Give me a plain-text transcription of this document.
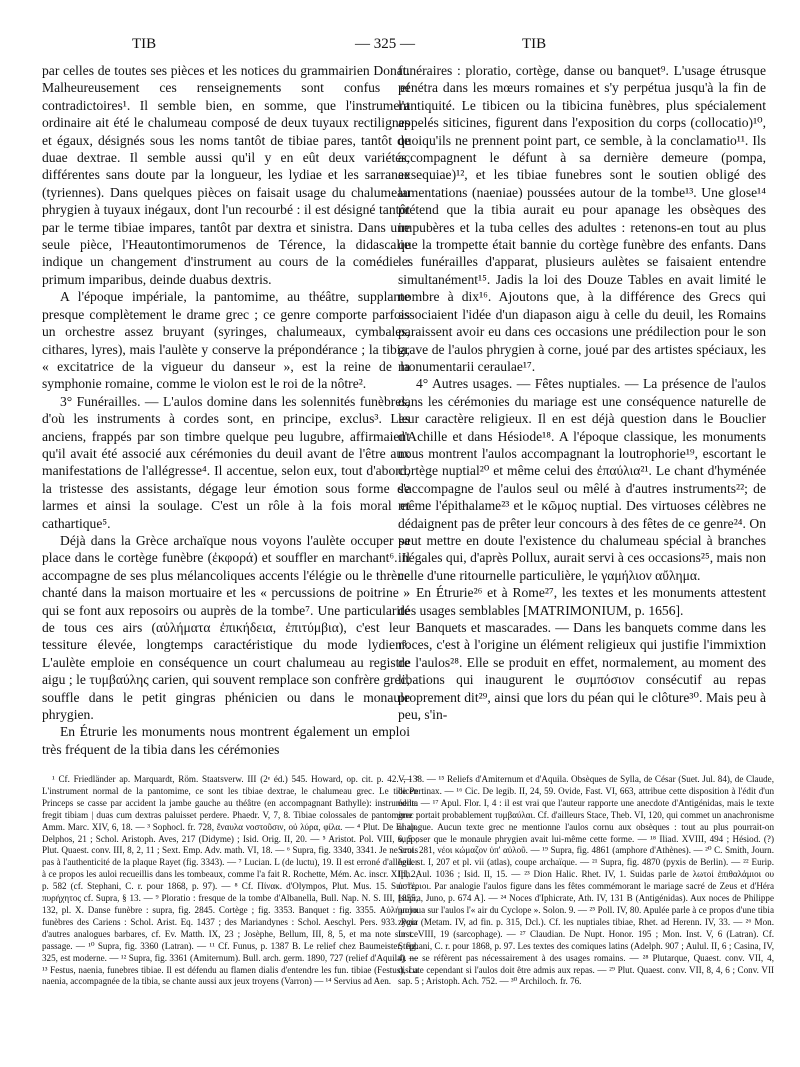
TIB	— 325 —	TIB

par celles de toutes ses pièces et les notices du grammairien Donat. Malheureusement ces renseignements sont confus et contradictoires¹. Il semble bien, en somme, que l'instrument ordinaire ait été le chalumeau composé de deux tuyaux rectilignes et égaux, désignés sous les noms tantôt de tibiae pares, tantôt de duae dextrae. Il semble aussi qu'il y en eût deux variétés, différentes sans doute par la longueur, les lydiae et les sarranae (tyriennes). Dans quelques pièces on faisait usage du chalumeau phrygien à tuyaux inégaux, dont l'un recourbé : il est désigné tantôt par le terme tibiae impares, tantôt par dextra et sinistra. Dans une seule pièce, l'Heautontimorumenos de Térence, la didascalie indique un changement d'instrument au cours de la comédie : primum imparibus, deinde duabus dextris.

A l'époque impériale, la pantomime, au théâtre, supplante presque complètement le drame grec ; ce genre comporte parfois un orchestre assez bruyant (syringes, chalumeaux, cymbales, cithares, lyres), mais l'aulète y conserve la prépondérance ; la tibia, « excitatrice de la vigueur du danseur », est la reine de la symphonie romaine, comme le violon est le roi de la nôtre².

3° Funérailles. — L'aulos domine dans les solennités funèbres, d'où les instruments à cordes sont, en principe, exclus³. Les anciens, frappés par son timbre quelque peu lugubre, affirmaient qu'il avait été associé aux cérémonies du deuil avant de l'être aux manifestations de l'allégresse⁴. Il accentue, selon eux, tout d'abord, la tristesse des assistants, dégage leur émotion sous forme de larmes et ainsi la soulage. C'est un rôle à la fois moral et cathartique⁵.

Déjà dans la Grèce archaïque nous voyons l'aulète occuper sa place dans le cortège funèbre (ἐκφορά) et souffler en marchant⁶. Il accompagne de ses plus mélancoliques accents l'élégie ou le thrène chanté dans la maison mortuaire et les « percussions de poitrine » qui se font aux reposoirs ou auprès de la tombe⁷. Une particularité de tous ces airs (αὐλήματα ἐπικήδεια, ἐπιτύμβια), c'est leur tessiture élevée, longtemps caractéristique du mode lydien⁸. L'aulète emploie en conséquence un court chalumeau au registre aigu ; le τυμβαύλης carien, qui souvent remplace son confrère grec, souffle dans le petit gingras phénicien ou dans le monaule phrygien.

En Étrurie les monuments nous montrent également un emploi très fréquent de la tibia dans les cérémonies

funéraires : ploratio, cortège, danse ou banquet⁹. L'usage étrusque pénétra dans les mœurs romaines et s'y perpétua jusqu'à la fin de l'antiquité. Le tibicen ou la tibicina funèbres, plus spécialement appelés siticines, figurent dans l'exposition du corps (collocatio)¹⁰, quoiqu'ils ne prennent point part, ce semble, à la conclamatio¹¹. Ils accompagnent le défunt à sa dernière demeure (pompa, exsequiae)¹², et les tibiae funebres sont le soutien obligé des lamentations (naeniae) poussées autour de la tombe¹³. Une glose¹⁴ prétend que la tibia aurait eu pour apanage les obsèques des impubères et la tuba celles des adultes : retenons-en tout au plus que la trompette était bannie du cortège funèbre des enfants. Dans les funérailles d'apparat, plusieurs aulètes se faisaient entendre simultanément¹⁵. Jadis la loi des Douze Tables en avait limité le nombre à dix¹⁶. Ajoutons que, à la différence des Grecs qui associaient l'idée d'un diapason aigu à celle du deuil, les Romains paraissent avoir eu dans ces occasions une prédilection pour le son grave de l'aulos phrygien à corne, joué par des artistes spéciaux, les monumentarii ceraulae¹⁷.

4° Autres usages. — Fêtes nuptiales. — La présence de l'aulos dans les cérémonies du mariage est une conséquence naturelle de leur caractère religieux. Il en est déjà question dans le Bouclier d'Achille et dans Hésiode¹⁸. A l'époque classique, les monuments nous montrent l'aulos accompagnant la loutrophorie¹⁹, escortant le cortège nuptial²⁰ et même celui des ἐπαύλια²¹. Le chant d'hyménée s'accompagne de l'aulos seul ou mêlé à d'autres instruments²²; de même l'épithalame²³ et le κῶμος nuptial. Des virtuoses célèbres ne dédaignent pas de prêter leur concours à des fêtes de ce genre²⁴. On peut mettre en doute l'existence du chalumeau spécial à branches inégales qui, d'après Pollux, aurait servi à ces occasions²⁵, mais non celle d'une ritournelle particulière, le γαμήλιον αὔλημα.

En Étrurie²⁶ et à Rome²⁷, les textes et les monuments attestent des usages semblables [MATRIMONIUM, p. 1656].

Banquets et mascarades. — Dans les banquets comme dans les noces, c'est à l'origine un élément religieux qui justifie l'immixtion de l'aulos²⁸. Elle se produit en effet, normalement, au moment des libations qui inaugurent le συμπόσιον consécutif au repas proprement dit²⁹, ainsi que lors du péan qui le clôture³⁰. Mais peu à peu, s'in-

¹ Cf. Friedländer ap. Marquardt, Röm. Staatsverw. III (2ᵉ éd.) 545. Howard, op. cit. p. 42. — ² L'instrument normal de la pantomime, ce sont les tibiae dextrae, le chalumeau grec. Le tibicen Princeps se casse par accident la jambe gauche au théâtre (en accompagnant Bathylle): instrumenta fregit tibiam | duas cum dextras paluisset perdere. Phaedr. V, 7, 8. Tibiae colossales de pantomime : Amm. Marc. XIV, 6, 18. — ³ Sophocl. fr. 728, ἔναυλα νοστοῦσιν, οὐ λύρα, φίλα. — ⁴ Plut. De EI ap. Delphos, 21 ; Schol. Aristoph. Aves, 217 (Didyme) ; Isid. Orig. II, 20. — ⁵ Aristot. Pol. VIII, 6, 5 ; Plut. Quaest. conv. III, 8, 2, 11 ; Sext. Emp. Adv. math. VI, 18. — ⁶ Supra, fig. 3340, 3341. Je ne crois pas à l'authenticité de la plaque Rayet (fig. 3343). — ⁷ Lucian. L (de luctu), 19. Il est erroné d'alléguer à ce propos les auloi recueillis dans les tombeaux, comme l'a fait R. Rochette, Mém. Ac. inscr. XIII, 2, p. 582 (cf. Stephani, C. r. pour 1868, p. 97). — ⁸ Cf. Πίνακ. d'Olympos, Plut. Mus. 15. Sur l'ε. πυρήχητος cf. Supra, § 13. — ⁹ Ploratio : fresque de la tombe d'Albanella, Bull. Nap. N. S. III, 1855, 132, pl. X. Danse funèbre : supra, fig. 2845. Cortège ; fig. 3353. Banquet : fig. 3355. Αὐλήματα funèbres des Cariens : Schol. Arist. Eq. 1437 ; des Mariandynes : Schol. Aeschyl. Pers. 933. Pour d'autres analogues barbares, cf. Ev. Matth. IX, 23 ; Josèphe, Bellum, III, 8, 5, et ma note sur ce passage. — ¹⁰ Supra, fig. 3360 (Latran). — ¹¹ Cf. Funus, p. 1387 B. Le relief chez Baumeister, fig. 325, est moderne. — ¹² Supra, fig. 3361 (Amiternum). Bull. arch. germ. 1890, 727 (relief d'Aquila). — ¹³ Festus, naenia, funebres tibiae. Il est défendu au flamen dialis d'entendre les fun. tibiae (Festus), La naenia, accompagnée de la tibia, se chante aussi aux jeux troyens (Varron) — ¹⁴ Servius ad Aen.

V, 138. — ¹⁵ Reliefs d'Amiternum et d'Aquila. Obsèques de Sylla, de César (Suet. Jul. 84), de Claude, de Pertinax. — ¹⁶ Cic. De legib. II, 24, 59. Ovide, Fast. VI, 663, attribue cette disposition à l'édit d'un édile. — ¹⁷ Apul. Flor. I, 4 : il est vrai que l'auteur rapporte une anecdote d'Antigénidas, mais le texte grec portait probablement τυμβαύλαι. Cf. d'ailleurs Stace, Theb. VI, 120, qui commet un anachronisme analogue. Aucun texte grec ne mentionne l'aulos cornu aux obsèques : tout au plus pourrait-on supposer que le monaule phrygien avait lui-même cette forme. — ¹⁸ Iliad. XVIII, 494 ; Hésiod. (?) Scut. 281, νέοι κώμαζον ὑπ' αὐλοῦ. — ¹⁹ Supra, fig. 4861 (amphore d'Athènes). — ²⁰ C. Smith, Journ. hell. st. I, 207 et pl. vii (atlas), coupe archaïque. — ²¹ Supra, fig. 4870 (pyxis de Berlin). — ²² Eurip. Iph. Aul. 1036 ; Isid. II, 15. — ²³ Dion Halic. Rhet. IV, 1. Suidas parle de λωτοί ἐπιθαλάμιοι ου ὑστέριοι. Par analogie l'aulos figure dans les fêtes commémorant le mariage sacré de Zeus et d'Héra [supra, Juno, p. 674 A]. — ²⁴ Noces d'Iphicrate, Ath. IV, 131 B (Antigénidas). Aux noces de Philippe on joua sur l'aulos l'« air du Cyclope ». Solon. 9. — ²⁵ Poll. IV, 80. Apulée parle à ce propos d'une tibia zygia (Metam. IV, ad fin. p. 315, Dcl.). Cf. les nuptiales tibiae, Rhet. ad Herenn. IV, 33. — ²⁶ Mon. Inst. VIII, 19 (sarcophage). — ²⁷ Claudian. De Nupt. Honor. 195 ; Mon. Inst. V, 6 (Latran). Cf. Stephani, C. r. pour 1868, p. 97. Les textes des comiques latins (Adelph. 907 ; Aulul. II, 6 ; Casina, IV, 4) ne se réfèrent pas nécessairement à des usages romains. — ²⁸ Plutarque, Quaest. conv. VII, 4, discute cependant si l'aulos doit être admis aux repas. — ²⁹ Plut. Quaest. conv. VII, 8, 4, 6 ; Conv. VII sap. 5 ; Aristoph. Ach. 752. — ³⁰ Archiloch. fr. 76.
